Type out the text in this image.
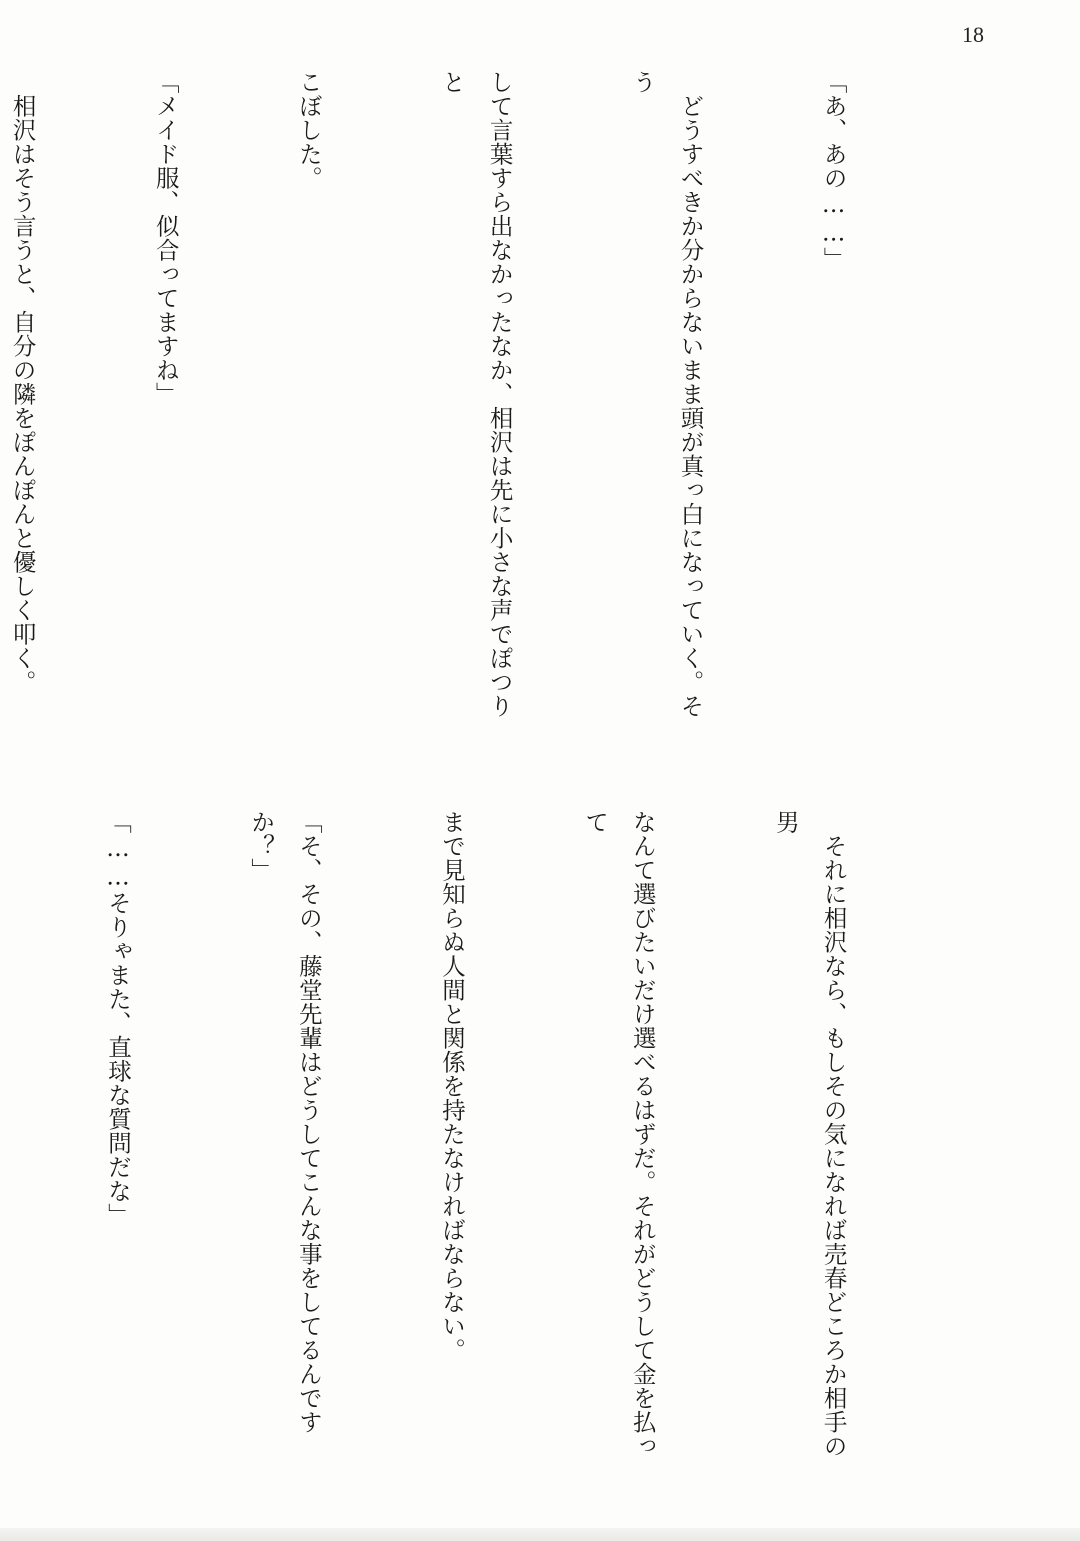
18

「あ、あの……」

　どうすべきか分からないまま頭が真っ白になっていく。そう

して言葉すら出なかったなか、相沢は先に小さな声でぽつりと

こぼした。

「メイド服、似合ってますね」

　相沢はそう言うと、自分の隣をぽんぽんと優しく叩く。

　それに相沢なら、もしその気になれば売春どころか相手の男

なんて選びたいだけ選べるはずだ。それがどうして金を払って

まで見知らぬ人間と関係を持たなければならない。

「そ、その、藤堂先輩はどうしてこんな事をしてるんですか？」

「……そりゃまた、直球な質問だな」
